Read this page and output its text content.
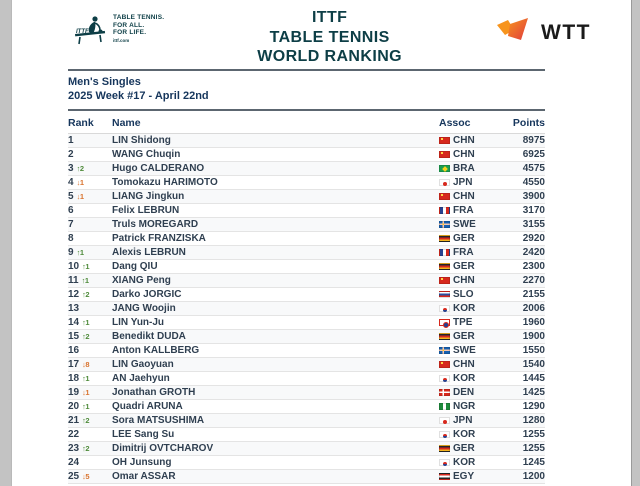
ITTF
TABLE TENNIS.
FOR ALL.
FOR LIFE.
ittf.com
ITTF
TABLE TENNIS
WORLD RANKING
WTT
Men's Singles
2025 Week #17 - April 22nd
Rank	Name	Assoc	Points
1	LIN Shidong	CHN	8975
2	WANG Chuqin	CHN	6925
3 ↑2	Hugo CALDERANO	BRA	4575
4 ↓1	Tomokazu HARIMOTO	JPN	4550
5 ↓1	LIANG Jingkun	CHN	3900
6	Felix LEBRUN	FRA	3170
7	Truls MOREGARD	SWE	3155
8	Patrick FRANZISKA	GER	2920
9 ↑1	Alexis LEBRUN	FRA	2420
10 ↑1 Dang QIU	GER	2300
11 ↑1 XIANG Peng	CHN	2270
12 ↑2 Darko JORGIC	SLO	2155
13	JANG Woojin	KOR	2006
14 ↑1 LIN Yun-Ju	TPE	1960
15 ↑2 Benedikt DUDA	GER	1900
16	Anton KALLBERG	SWE	1550
17 ↓8 LIN Gaoyuan	CHN	1540
18 ↑1 AN Jaehyun	KOR	1445
19 ↓1 Jonathan GROTH	DEN	1425
20 ↑1 Quadri ARUNA	NGR	1290
21 ↑2 Sora MATSUSHIMA	JPN	1280
22	LEE Sang Su	KOR	1255
23 ↑2 Dimitrij OVTCHAROV	GER	1255
24	OH Junsung	KOR	1245
25 ↓5 Omar ASSAR	EGY	1200
